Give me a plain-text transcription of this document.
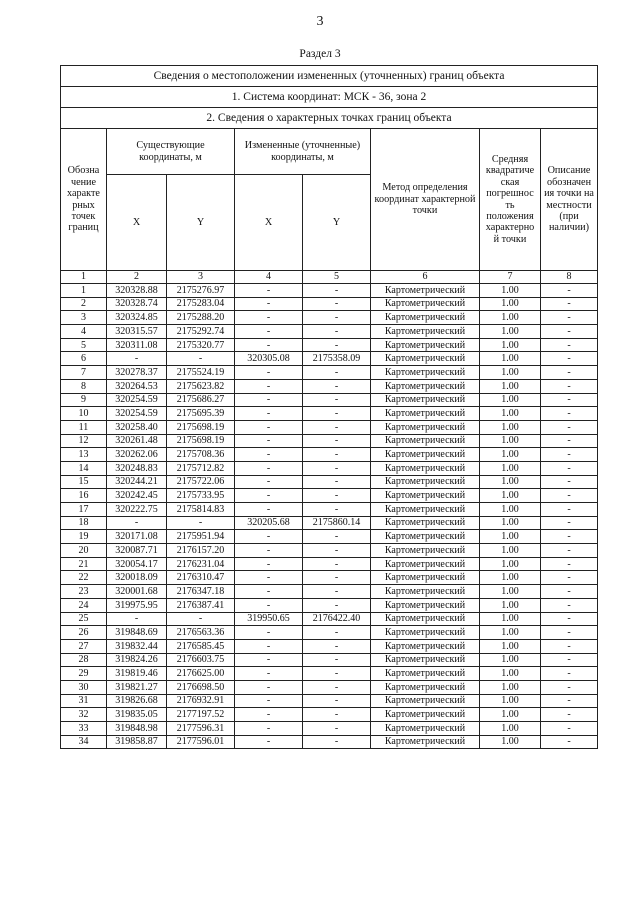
3
Раздел 3
Сведения о местоположении измененных (уточненных) границ объекта							
1. Система координат: МСК - 36, зона 2							
2. Сведения о характерных точках границ объекта							
Обозна чение характе рных точек границ	Существующие координаты, м		Измененные (уточненные) координаты, м		Метод определения координат характерной точки	Средняя квадратиче ская погрешнос ть положения характерно й точки	Описание обозначен ия точки на местности (при наличии)
	X	Y	X	Y			
1	2	3	4	5	6	7	8
1	320328.88	2175276.97	-	-	Картометрический	1.00	-
2	320328.74	2175283.04	-	-	Картометрический	1.00	-
3	320324.85	2175288.20	-	-	Картометрический	1.00	-
4	320315.57	2175292.74	-	-	Картометрический	1.00	-
5	320311.08	2175320.77	-	-	Картометрический	1.00	-
6	-	-	320305.08	2175358.09	Картометрический	1.00	-
7	320278.37	2175524.19	-	-	Картометрический	1.00	-
8	320264.53	2175623.82	-	-	Картометрический	1.00	-
9	320254.59	2175686.27	-	-	Картометрический	1.00	-
10	320254.59	2175695.39	-	-	Картометрический	1.00	-
11	320258.40	2175698.19	-	-	Картометрический	1.00	-
12	320261.48	2175698.19	-	-	Картометрический	1.00	-
13	320262.06	2175708.36	-	-	Картометрический	1.00	-
14	320248.83	2175712.82	-	-	Картометрический	1.00	-
15	320244.21	2175722.06	-	-	Картометрический	1.00	-
16	320242.45	2175733.95	-	-	Картометрический	1.00	-
17	320222.75	2175814.83	-	-	Картометрический	1.00	-
18	-	-	320205.68	2175860.14	Картометрический	1.00	-
19	320171.08	2175951.94	-	-	Картометрический	1.00	-
20	320087.71	2176157.20	-	-	Картометрический	1.00	-
21	320054.17	2176231.04	-	-	Картометрический	1.00	-
22	320018.09	2176310.47	-	-	Картометрический	1.00	-
23	320001.68	2176347.18	-	-	Картометрический	1.00	-
24	319975.95	2176387.41	-	-	Картометрический	1.00	-
25	-	-	319950.65	2176422.40	Картометрический	1.00	-
26	319848.69	2176563.36	-	-	Картометрический	1.00	-
27	319832.44	2176585.45	-	-	Картометрический	1.00	-
28	319824.26	2176603.75	-	-	Картометрический	1.00	-
29	319819.46	2176625.00	-	-	Картометрический	1.00	-
30	319821.27	2176698.50	-	-	Картометрический	1.00	-
31	319826.68	2176932.91	-	-	Картометрический	1.00	-
32	319835.05	2177197.52	-	-	Картометрический	1.00	-
33	319848.98	2177596.31	-	-	Картометрический	1.00	-
34	319858.87	2177596.01	-	-	Картометрический	1.00	-
